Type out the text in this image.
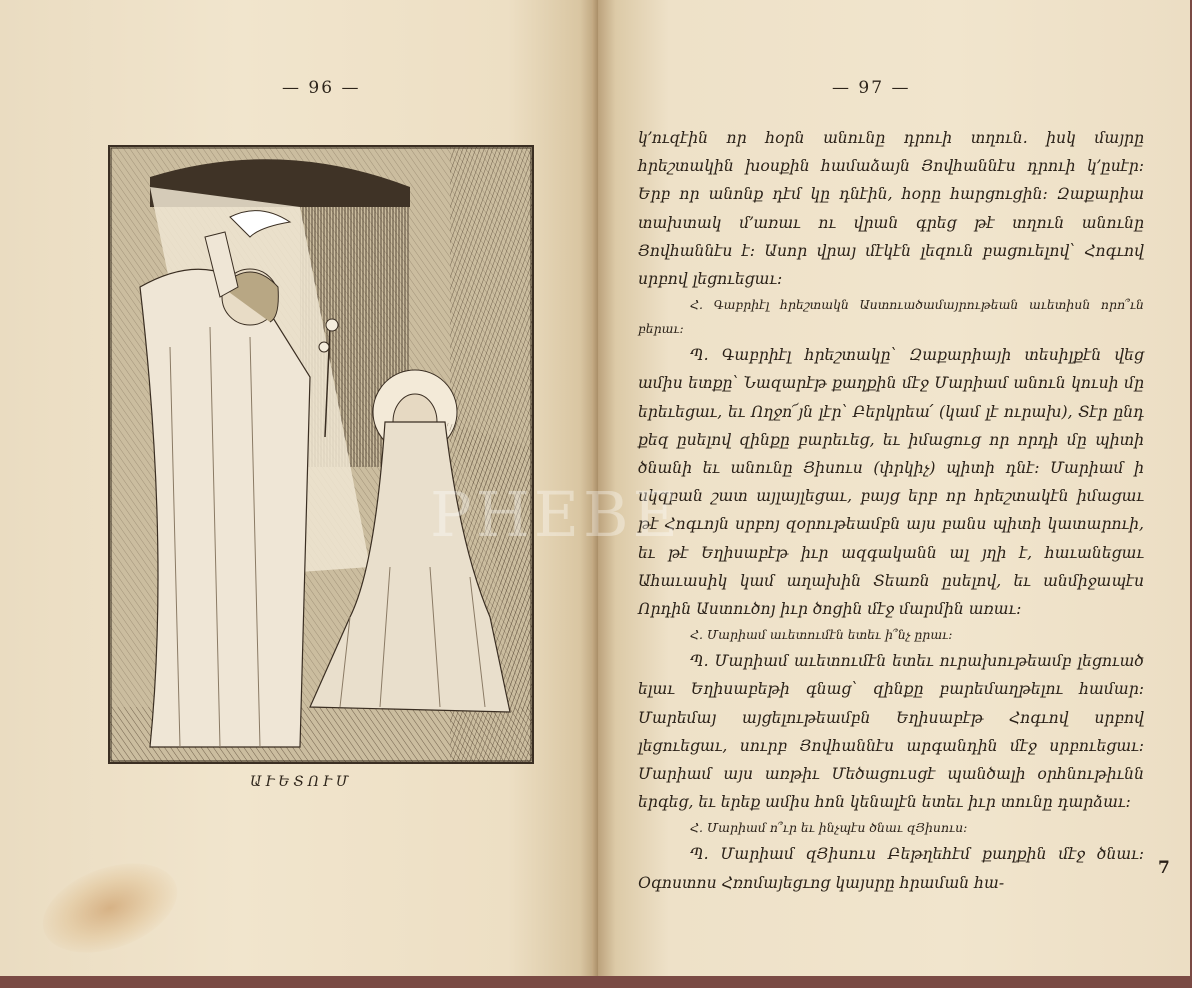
— 96 —
ԱՒԵՏՈՒՄ
— 97 —

կ՚ուզէին որ հօրն անունը դրուի տղուն. իսկ մայրը հրեշտակին խօսքին համաձայն Յովհաննէս դրուի կ՚ըսէր: Երբ որ անոնք դէմ կը դնէին, հօրը հարցուցին: Զաքարիա տախտակ մ՚առաւ ու վրան գրեց թէ տղուն անունը Յովհաննէս է: Ասոր վրայ մէկէն լեզուն բացուելով՝ Հոգւով սրբով լեցուեցաւ:

Հ. Գաբրիէլ հրեշտակն Աստուածամայրութեան աւետիսն որո՞ւն բերաւ:

Պ. Գաբրիէլ հրեշտակը՝ Զաքարիայի տեսիլքէն վեց ամիս ետքը՝ Նազարէթ քաղքին մէջ Մարիամ անուն կուսի մը երեւեցաւ, եւ Ողջո՜յն լէր՝ Բերկրեա՛ (կամ լէ ուրախ), Տէր ընդ քեզ ըսելով զինքը բարեւեց, եւ իմացուց որ որդի մը պիտի ծնանի եւ անունը Յիսուս (փրկիչ) պիտի դնէ: Մարիամ ի սկզբան շատ այլայլեցաւ, բայց երբ որ հրեշտակէն իմացաւ թէ Հոգւոյն սրբոյ զօրութեամբն այս բանս պիտի կատարուի, եւ թէ Եղիսաբէթ իւր ազգականն ալ յղի է, հաւանեցաւ Ահաւասիկ կամ աղախին Տեառն ըսելով, եւ անմիջապէս Որդին Աստուծոյ իւր ծոցին մէջ մարմին առաւ:

Հ. Մարիամ աւետումէն ետեւ ի՞նչ ըրաւ:

Պ. Մարիամ աւետումէն ետեւ ուրախութեամբ լեցուած ելաւ Եղիսաբեթի գնաց՝ զինքը բարեմաղթելու համար: Մարեմայ այցելութեամբն Եղիսաբէթ Հոգւով սրբով լեցուեցաւ, սուրբ Յովհաննէս արգանդին մէջ սրբուեցաւ: Մարիամ այս առթիւ Մեծացուսցէ պանծալի օրհնութիւնն երգեց, եւ երեք ամիս հոն կենալէն ետեւ իւր տունը դարձաւ:

Հ. Մարիամ ո՞ւր եւ ինչպէս ծնաւ զՅիսուս:

Պ. Մարիամ զՅիսուս Բեթղեհէմ քաղքին մէջ ծնաւ: Օգոստոս Հռոմայեցւոց կայսրը հրաման հա-

7
PHEBE
